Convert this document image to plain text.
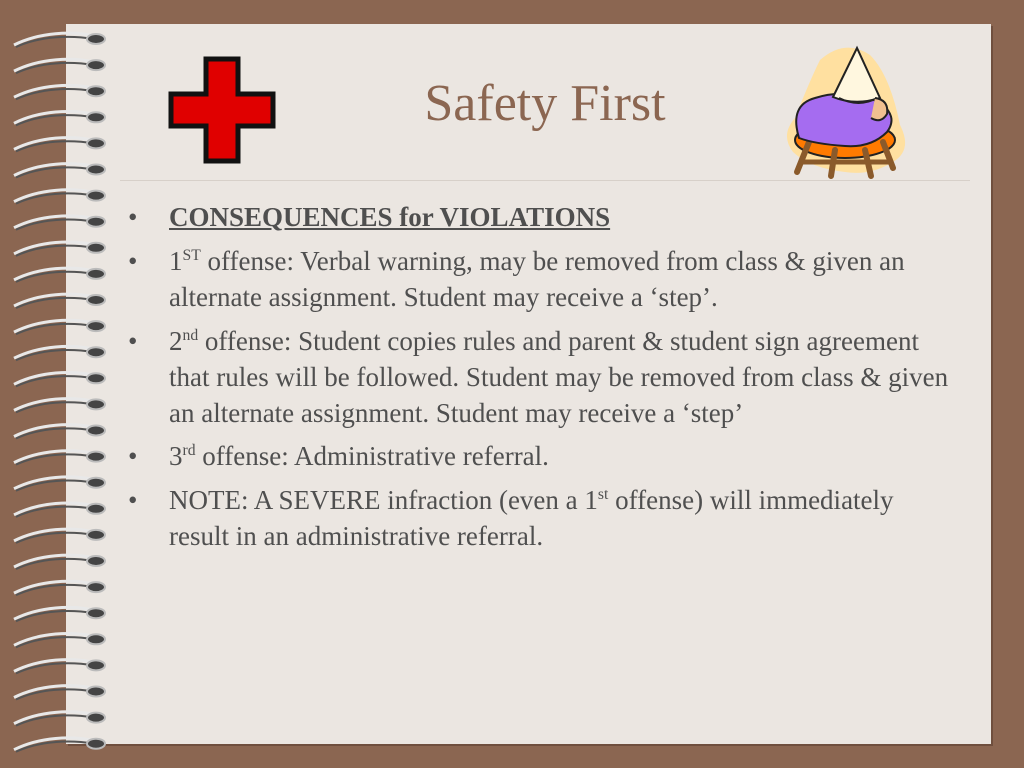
Safety First
•	CONSEQUENCES for VIOLATIONS
•	1ST offense: Verbal warning, may be removed from class & given an alternate assignment. Student may receive a ‘step’.
•	2nd offense: Student copies rules and parent & student sign agreement that rules will be followed. Student may be removed from class & given an alternate assignment. Student may receive a ‘step’
•	3rd offense: Administrative referral.
•	NOTE: A SEVERE infraction (even a 1st offense) will immediately result in an administrative referral.
